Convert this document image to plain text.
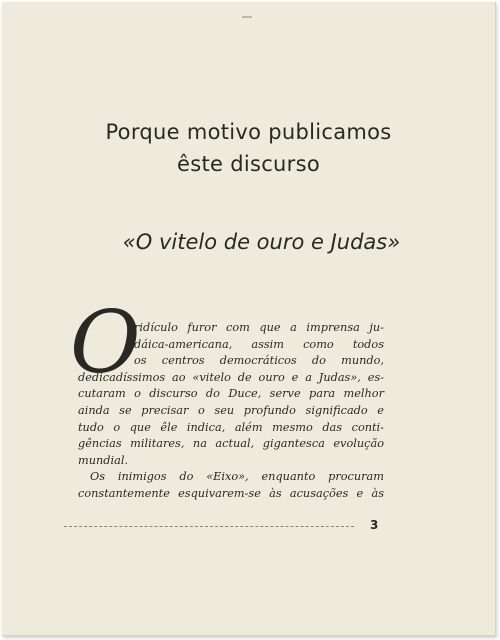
Porque motivo publicamos
êste discurso
«O vitelo de ouro e Judas»
O
ridículo furor com que a imprensa ju-
dáica-americana, assim como todos
os centros democráticos do mundo,
dedicadíssimos ao «vitelo de ouro e a Judas», es-
cutaram o discurso do Duce, serve para melhor
ainda se precisar o seu profundo significado e
tudo o que êle indica, além mesmo das conti-
gências militares, na actual, gigantesca evolução
mundial.
Os inimigos do «Eixo», enquanto procuram
constantemente esquivarem-se às acusações e às
3
